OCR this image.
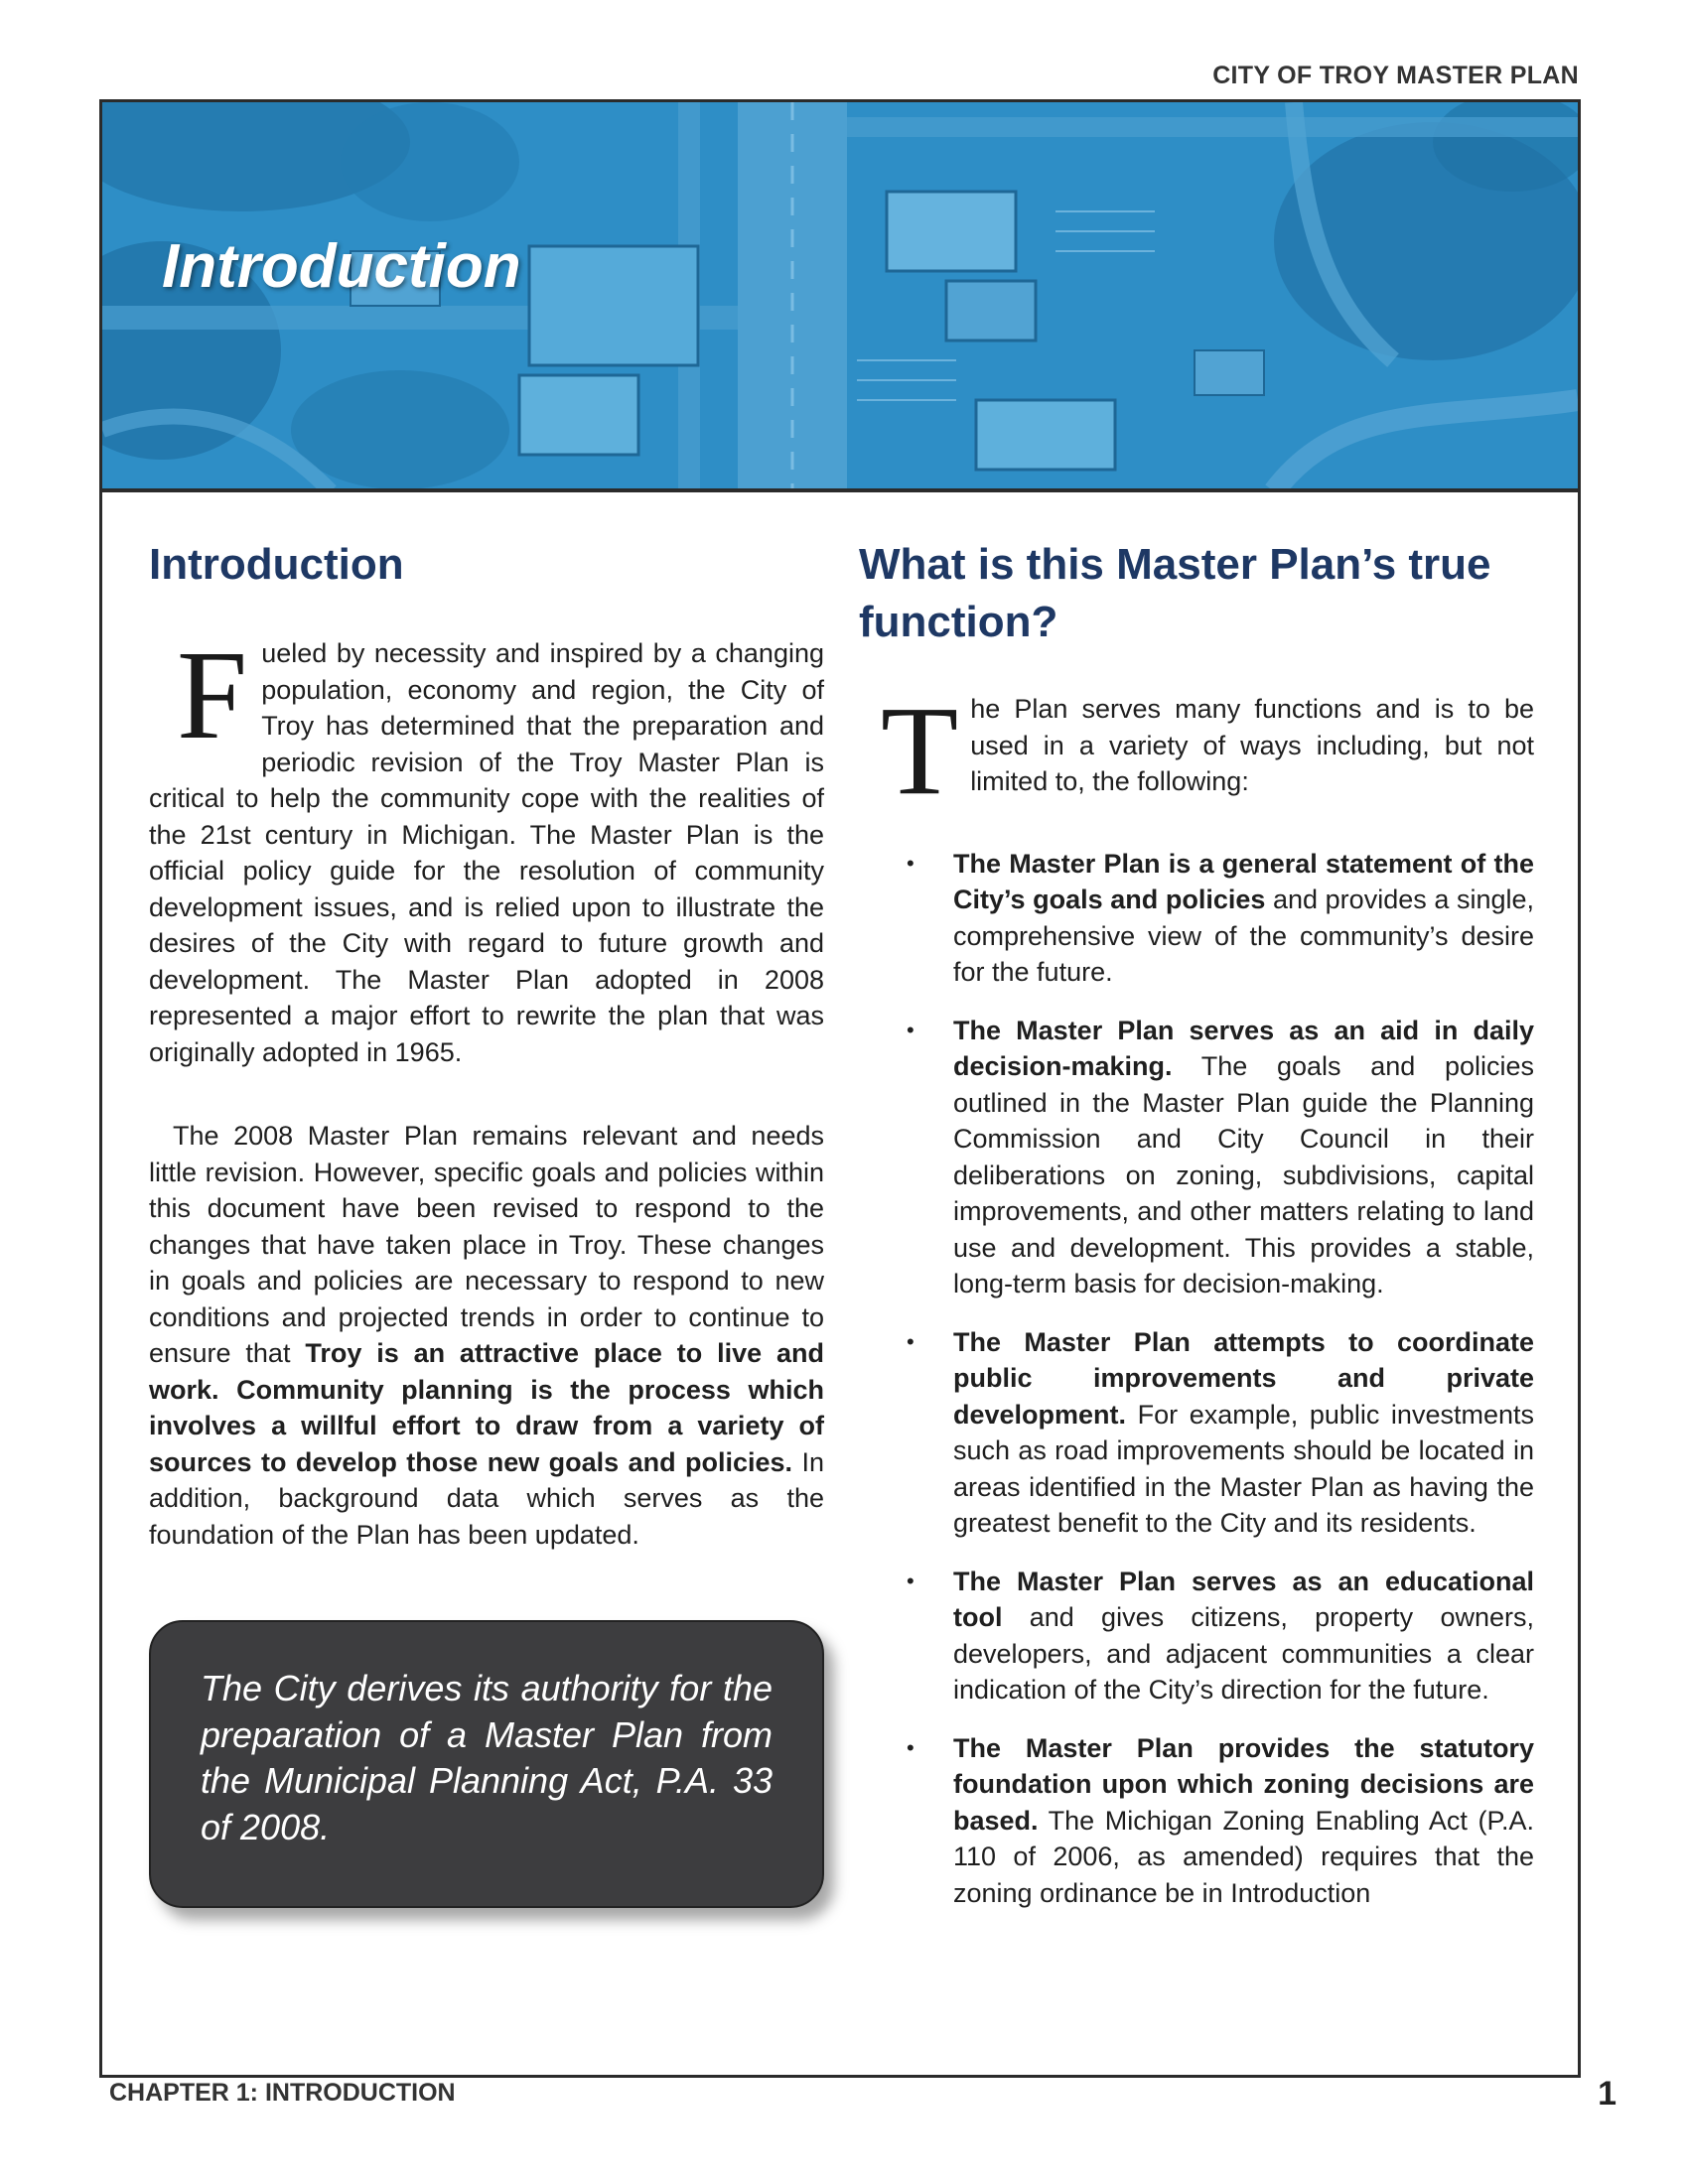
CITY OF TROY MASTER PLAN
Introduction
Introduction

Fueled by necessity and inspired by a changing population, economy and region, the City of Troy has determined that the preparation and periodic revision of the Troy Master Plan is critical to help the community cope with the realities of the 21st century in Michigan. The Master Plan is the official policy guide for the resolution of community development issues, and is relied upon to illustrate the desires of the City with regard to future growth and development. The Master Plan adopted in 2008 represented a major effort to rewrite the plan that was originally adopted in 1965.

The 2008 Master Plan remains relevant and needs little revision. However, specific goals and policies within this document have been revised to respond to the changes that have taken place in Troy. These changes in goals and policies are necessary to respond to new conditions and projected trends in order to continue to ensure that Troy is an attractive place to live and work. Community planning is the process which involves a willful effort to draw from a variety of sources to develop those new goals and policies. In addition, background data which serves as the foundation of the Plan has been updated.

The City derives its authority for the preparation of a Master Plan from the Municipal Planning Act, P.A. 33 of 2008.

What is this Master Plan’s true function?

The Plan serves many functions and is to be used in a variety of ways including, but not limited to, the following:

• The Master Plan is a general statement of the City’s goals and policies and provides a single, comprehensive view of the community’s desire for the future.
• The Master Plan serves as an aid in daily decision-making. The goals and policies outlined in the Master Plan guide the Planning Commission and City Council in their deliberations on zoning, subdivisions, capital improvements, and other matters relating to land use and development. This provides a stable, long-term basis for decision-making.
• The Master Plan attempts to coordinate public improvements and private development. For example, public investments such as road improvements should be located in areas identified in the Master Plan as having the greatest benefit to the City and its residents.
• The Master Plan serves as an educational tool and gives citizens, property owners, developers, and adjacent communities a clear indication of the City’s direction for the future.
• The Master Plan provides the statutory foundation upon which zoning decisions are based. The Michigan Zoning Enabling Act (P.A. 110 of 2006, as amended) requires that the zoning ordinance be in Introduction
CHAPTER 1: INTRODUCTION	1
